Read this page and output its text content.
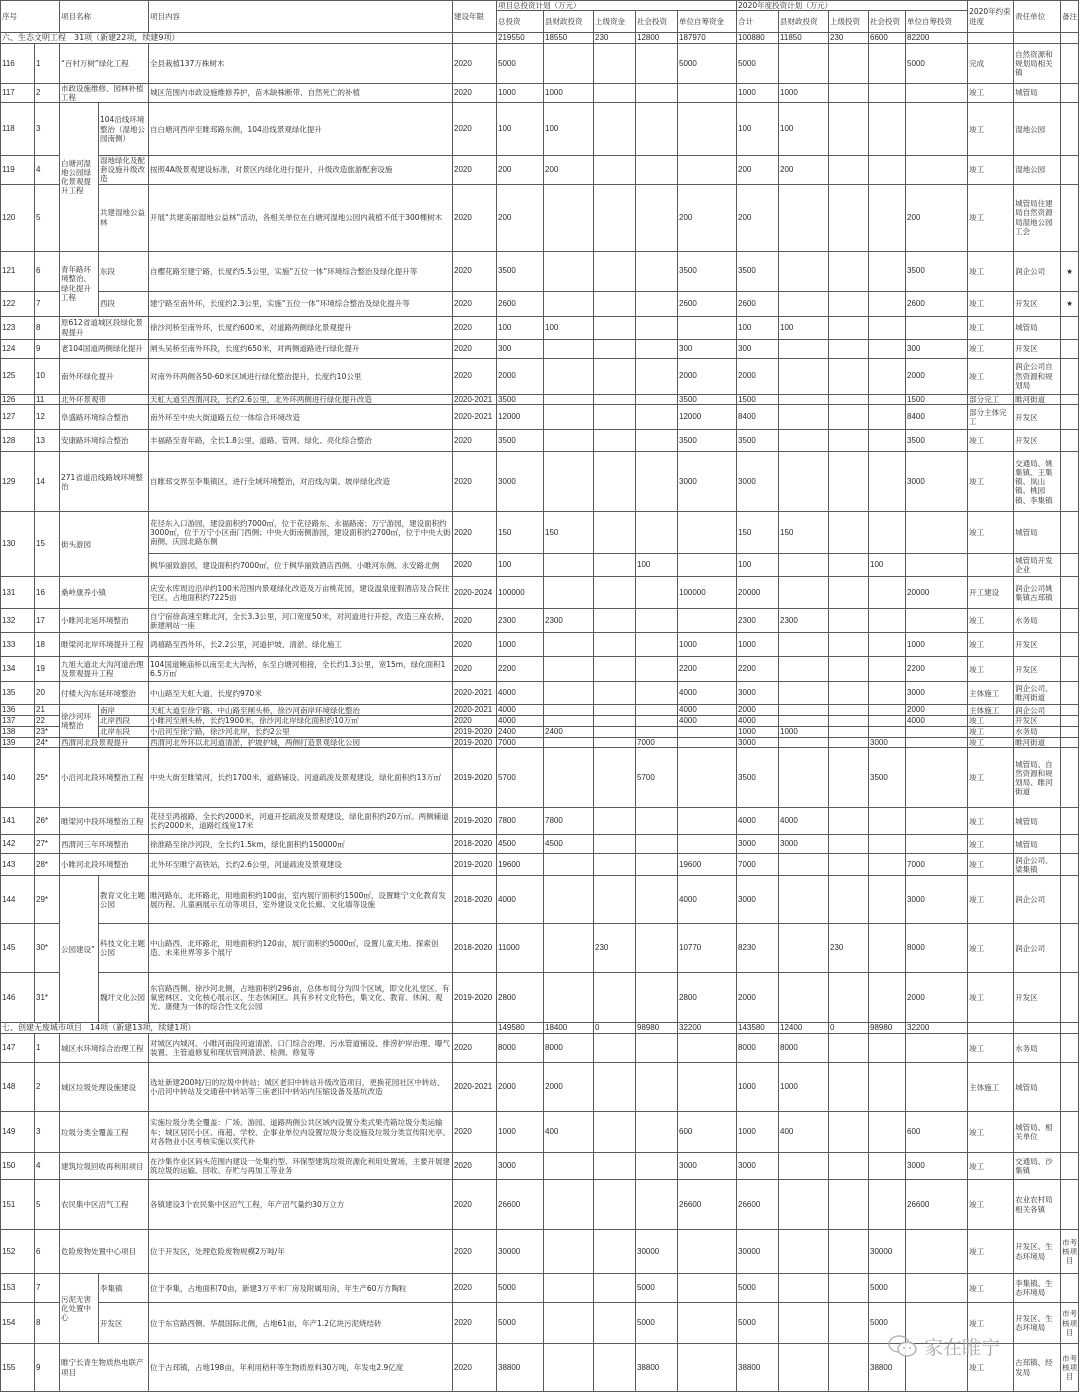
序号		项目名称		项目内容	建设年限	项目总投资计划（万元）					2020年度投资计划（万元）					2020年约束进度	责任单位	备注
						总投资	县财政投资	上级资金	社会投资	单位自筹资金	合计	县财政投资	上级投资	社会投资	单位自筹投资			
六、生态文明工程　31项（新建22项，续建9项）						219550	18550	230	12800	187970	100880	11850	230	6600	82200			
116	1	“百村万树”绿化工程		全县栽植137万株树木	2020	5000				5000	5000				5000	完成	自然资源和规划局相关镇	
117	2	市政设施维修、园林补植工程		城区范围内市政设施维修养护，苗木缺株断带、自然死亡的补植	2020	1000	1000				1000	1000				竣工	城管局	
118	3	白塘河湿地公园绿化景观提升工程	104沿线环境整治（湿地公园南侧）	自白塘河西岸至睢邳路东侧，104沿线景观绿化提升	2020	100	100				100	100				竣工	湿地公园	
119	4		湿地绿化及配套设施升级改造	按照4A级景观建设标准，对景区内绿化进行提升，升级改造旅游配套设施	2020	200	200				200	200				竣工	湿地公园	
120	5		共建湿地公益林	开展“共建美丽湿地公益林”活动，各相关单位在白塘河湿地公园内栽植不低于300棵树木	2020	200				200	200				200	竣工	城管局住建局自然资源局湿地公园工会	
121	6	青年路环境整治、绿化提升工程	东段	自樱花路至建宁路，长度约5.5公里，实施“五位一体”环境综合整治及绿化提升等	2020	3500				3500	3500				3500	竣工	润企公司	★
122	7		西段	建宁路至南外环，长度约2.3公里，实施“五位一体”环境综合整治及绿化提升等	2020	2600				2600	2600				2600	竣工	开发区	★
123	8	原612省道城区段绿化景观提升		徐沙河桥至南外环，长度约600米，对道路两侧绿化景观提升	2020	100	100				100	100				竣工	城管局	
124	9	老104国道两侧绿化提升		闸头吴桥至南外环段，长度约650米，对两侧道路进行绿化提升	2020	300				300	300				300	竣工	开发区	
125	10	南外环绿化提升		对南外环两侧各50-60米区域进行绿化整治提升，长度约10公里	2020	2000				2000	2000				2000	竣工	润企公司自然资源和规划局	
126	11	北外环景观带		天虹大道至西渭河段，长约2.6公里，北外环两侧进行绿化提升改造	2020-2021	3500				3500	1500				1500	部分完工	睢河街道	
127	12	阜盛路环境综合整治		南外环至中央大街道路五位一体综合环境改造	2020-2021	12000				12000	8400				8400	部分主体完工	开发区	
128	13	安康路环境综合整治		丰福路至青年路，全长1.8公里，道路、管网、绿化、亮化综合整治	2020	3500				3500	3500				3500	竣工	开发区	
129	14	271省道沿线路域环境整治		自睢邳交界至李集镇区，进行全域环境整治，对沿线沟渠、坡岸绿化改造	2020	3000				3000	3000				3000	竣工	交通局、姚集镇、王集镇、岚山镇、桃园镇、李集镇	
130	15	街头游园		花径东入口游园，建设面积约7000㎡，位于花径路东、永福路南；万宁游园，建设面积约3000㎡，位于万宁小区南门西侧；中央大街南侧游园，建设面积约2700㎡，位于中央大街南侧、庆园北路东侧	2020	150	150				150	150				竣工	城管局	
				枫华丽致游园，建设面积约7000㎡，位于枫华丽致酒店西侧、小睢河东侧、永安路北侧	2020	100			100		100			100			城管局开发企业	
131	16	桑岭康养小镇		庆安水库周边沿岸约100米范围内景观绿化改造及万亩桃花园，建设温泉度假酒店及合院住宅区，占地面积约7225亩	2020-2024	100000				100000	20000				20000	开工建设	润企公司姚集镇古邳镇	
132	17	小睢河北延环境整治		自宁宿徐高速至睢北河，全长3.3公里，河口宽度50米，对河道进行开挖，改造三座农桥，新建闸站一座	2020	2300	2300				2300	2300				竣工	水务局	
133	18	睢梁河北岸环境提升工程		鸿禧路至西外环，长2.2公里，河道护坡、清淤、绿化施工	2020	1000				1000	1000				1000	竣工	开发区	
134	19	九旭大道北大沟河道治理及景观提升工程		104国道鲍庙桥以南至北大沟桥，东至白塘河相接，全长约1.3公里，宽15m，绿化面积16.5万㎡	2020	2200				2200	2200				2200	竣工	开发区	
135	20	付楼大沟东延环境整治		中山路至天虹大道，长度约970米	2020-2021	4000				4000	3000				3000	主体施工	润企公司、睢河街道	
136	21	徐沙河环境整治	南岸	天虹大道至徐宁路、中山路至闸头桥，徐沙河南岸环境绿化整治	2020-2021	4000				4000	2000				2000	主体施工	润企公司	
137	22		北岸西段	小睢河至闸头桥，长约1900米，徐沙河北岸绿化面积约10万㎡	2020	4000				4000	4000				4000	竣工	开发区	
138	23*		北岸东段	小沿河至徐宁路，徐沙河北岸，长约2公里	2019-2020	2400	2400				1000	1000				竣工	水务局	
139	24*	西渭河北段景观提升		西渭河北外环以北河道清淤，护坡护城，两侧打造景观绿化公园	2019-2020	7000			7000		3000			3000		竣工	睢河街道	
140	25*	小沿河北段环境整治工程		中央大街至睢梁河，长约1700米，道路铺设、河道疏浚及景观建设，绿化面积约13万㎡	2019-2020	5700			5700		3500			3500		竣工	城管局、自然资源和规划局、睢河街道	
141	26*	睢梁河中段环境整治工程		花径至鸿禧路，全长约2000米，河道开挖疏浚及景观建设，绿化面积约20万㎡。两侧辅道长约2000米，道路红线宽17米	2019-2020	7800	7800				4000	4000				竣工	城管局	
142	27*	西渭河三年环境整治		徐淮路至徐沙河段，全长约1.5km，绿化面积约150000㎡	2018-2020	4500	4500				3000	3000				竣工	城管局	
143	28*	小睢河北段环境整治		北外环至睢宁高铁站，长约2.6公里，河道疏浚及景观建设	2019-2020	19600				19600	7000				7000	竣工	润企公司、梁集镇	
144	29*	公园建设”	教育文化主题公园	睢河路东、北环路北，用地面积约100亩，室内展厅面积约1500㎡，设置睢宁文化教育发展历程、儿童画展示互动等项目，室外建设文化长廊、文化墙等设施	2018-2020	4000				4000	3000				3000	竣工	润企公司	
145	30*		科技文化主题公园	中山路西、北环路北，用地面积约120亩，展厅面积约5000㎡，设置儿童天地、探索创造、未来世界等多个展厅	2018-2020	11000		230		10770	8230		230		8000	竣工	润企公司	
146	31*		魏圩文化公园	东官路西侧、徐沙河北侧，占地面积约296亩，总体布局分为四个区域，即文化礼堂区、有氧密林区、文化核心展示区、生态休闲区。具有乡村文化特色，集文化、教育、休闲、观光、康健为一体的综合性文化公园	2019-2020	2800				2800	2000				2000	竣工	开发区	
七、创建无废城市项目　14项（新建13项，续建1项）						149580	18400	0	98980	32200	143580	12400	0	98980	32200			
147	1	城区水环境综合治理工程		对城区内城河、小睢河南段河道清淤、口门综合治理、污水管道铺设、排涝护岸治理、曝气装置、主管道修复和现状管网清淤、检测、修复等	2020	8000	8000				8000	8000				竣工	水务局	
148	2	城区垃圾处理设施建设		选址新建200吨/日的垃圾中转站；城区老旧中转站升级改造项目，更换花园社区中转站、小沿河中转站及交通巷中转站等三座老旧中转站内压缩设备及基坑改造	2020-2021	2000	2000				1000	1000				主体施工	城管局	
149	3	垃圾分类全覆盖工程		实施垃圾分类全覆盖：广场、游园、道路两侧公共区域内设置分类式果壳箱垃圾分类运输车；城区居民小区、商超、学校、企事业单位内设置垃圾分类设施及垃圾分类宣传阳光亭。对各物业小区考核实施以奖代补	2020	1000	400			600	1000	400			600	竣工	城管局、相关单位	
150	4	建筑垃圾回收再利用项目		在沙集作业区码头范围内建设一处集约型、环保型建筑垃圾资源化利用处置场，主要开展建筑垃圾的运输、回收、存贮与再加工等业务	2020	3000				3000	3000				3000	竣工	交通局、沙集镇	
151	5	农民集中区沼气工程		各镇建设3个农民集中区沼气工程，年产沼气量约30万立方	2020	26600				26600	26600				26600	竣工	农业农村局相关各镇	
152	6	危险废物处置中心项目		位于开发区，处理危险废物规模2万吨/年	2020	30000			30000		30000			30000		竣工	开发区、生态环境局	市考核项目
153	7	污泥无害化处置中心	李集镇	位于李集，占地面积70亩，新建3万平米厂房及附属用房，年生产60万方陶粒	2020	5000			5000		5000			5000		竣工	李集镇、生态环境局	
154	8		开发区	位于东官路西侧、华晨国际北侧，占地61亩，年产1.2亿块污泥烧结砖	2020	5000			5000		5000			5000		竣工	开发区、生态环境局	市考核项目
155	9	睢宁长青生物质热电联产项目		位于古邳镇，占地198亩，年利用秸秆等生物质原料30万吨，年发电2.9亿度	2020	38800			38800		38800			38800		竣工	古邳镇、经发局	市考核项目
家在睢宁
